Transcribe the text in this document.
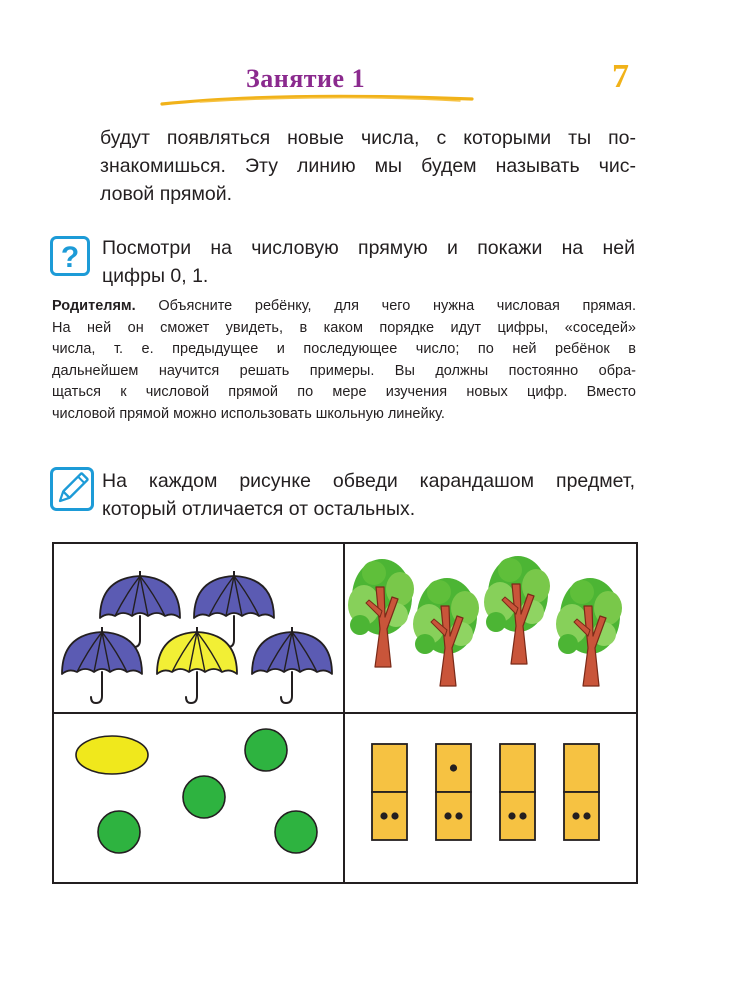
Занятие 1	7
будут появляться новые числа, с которыми ты по-
знакомишься. Эту линию мы будем называть чис-
ловой прямой.
? Посмотри на числовую прямую и покажи на ней
цифры 0, 1.
Родителям. Объясните ребёнку, для чего нужна числовая прямая.
На ней он сможет увидеть, в каком порядке идут цифры, «соседей»
числа, т. е. предыдущее и последующее число; по ней ребёнок в
дальнейшем научится решать примеры. Вы должны постоянно обра-
щаться к числовой прямой по мере изучения новых цифр. Вместо
числовой прямой можно использовать школьную линейку.
На каждом рисунке обведи карандашом предмет,
который отличается от остальных.
